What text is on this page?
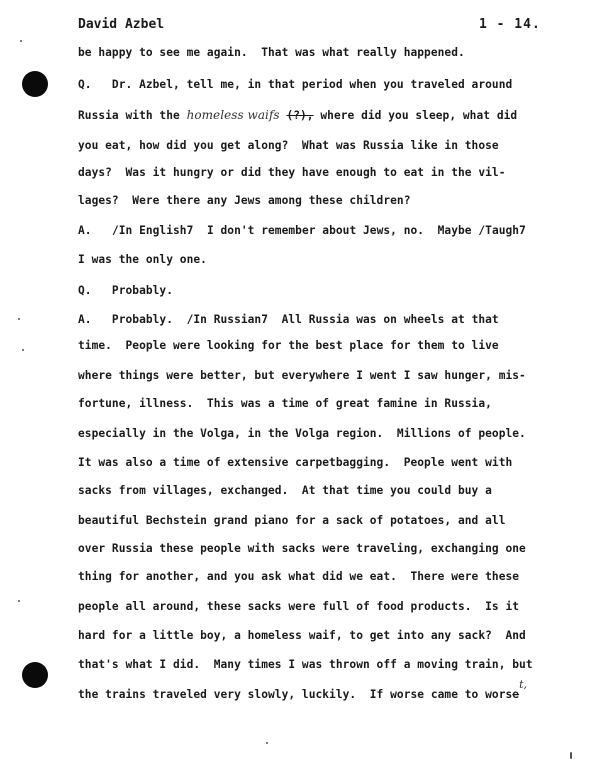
David Azbel	1 - 14.
be happy to see me again.  That was what really happened.
Q.   Dr. Azbel, tell me, in that period when you traveled around
Russia with the homeless waifs (?), where did you sleep, what did
you eat, how did you get along?  What was Russia like in those
days?  Was it hungry or did they have enough to eat in the vil-
lages?  Were there any Jews among these children?
A.   /In English7  I don't remember about Jews, no.  Maybe /Taugh7
I was the only one.
Q.   Probably.
A.   Probably.  /In Russian7  All Russia was on wheels at that
time.  People were looking for the best place for them to live
where things were better, but everywhere I went I saw hunger, mis-
fortune, illness.  This was a time of great famine in Russia,
especially in the Volga, in the Volga region.  Millions of people.
It was also a time of extensive carpetbagging.  People went with
sacks from villages, exchanged.  At that time you could buy a
beautiful Bechstein grand piano for a sack of potatoes, and all
over Russia these people with sacks were traveling, exchanging one
thing for another, and you ask what did we eat.  There were these
people all around, these sacks were full of food products.  Is it
hard for a little boy, a homeless waif, to get into any sack?  And
that's what I did.  Many times I was thrown off a moving train, but
the trains traveled very slowly, luckily.  If worse came to worset,
